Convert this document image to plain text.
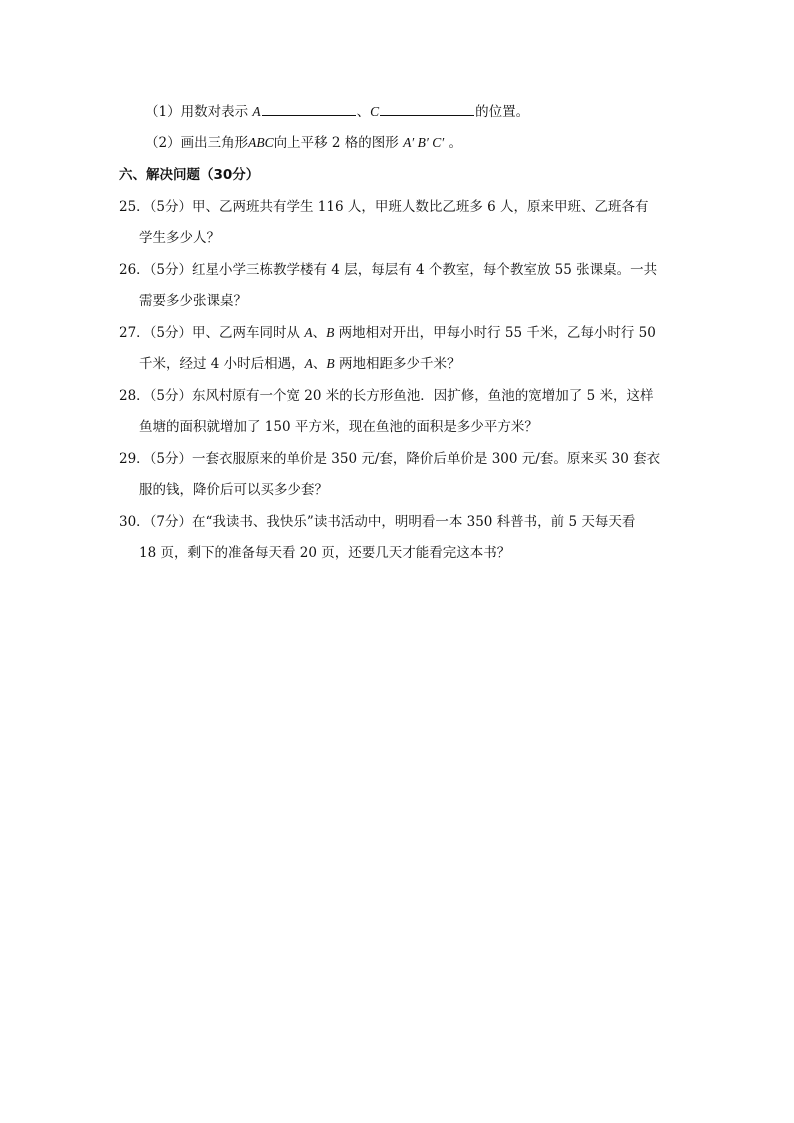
（1）用数对表示 A	、C	的位置。
（2）画出三角形ABC向上平移 2 格的图形 A′ B′ C′ 。
六、解决问题（30分）
25．（5分）甲、乙两班共有学生 116 人，甲班人数比乙班多 6 人，原来甲班、乙班各有
学生多少人？
26．（5分）红星小学三栋教学楼有 4 层，每层有 4 个教室，每个教室放 55 张课桌。一共
需要多少张课桌？
27．（5分）甲、乙两车同时从 A、B 两地相对开出，甲每小时行 55 千米，乙每小时行 50
千米，经过 4 小时后相遇，A、B 两地相距多少千米？
28．（5分）东风村原有一个宽 20 米的长方形鱼池．因扩修，鱼池的宽增加了 5 米，这样
鱼塘的面积就增加了 150 平方米，现在鱼池的面积是多少平方米？
29．（5分）一套衣服原来的单价是 350 元/套，降价后单价是 300 元/套。原来买 30 套衣
服的钱，降价后可以买多少套？
30．（7分）在“我读书、我快乐”读书活动中，明明看一本 350 科普书，前 5 天每天看
18 页，剩下的准备每天看 20 页，还要几天才能看完这本书？
